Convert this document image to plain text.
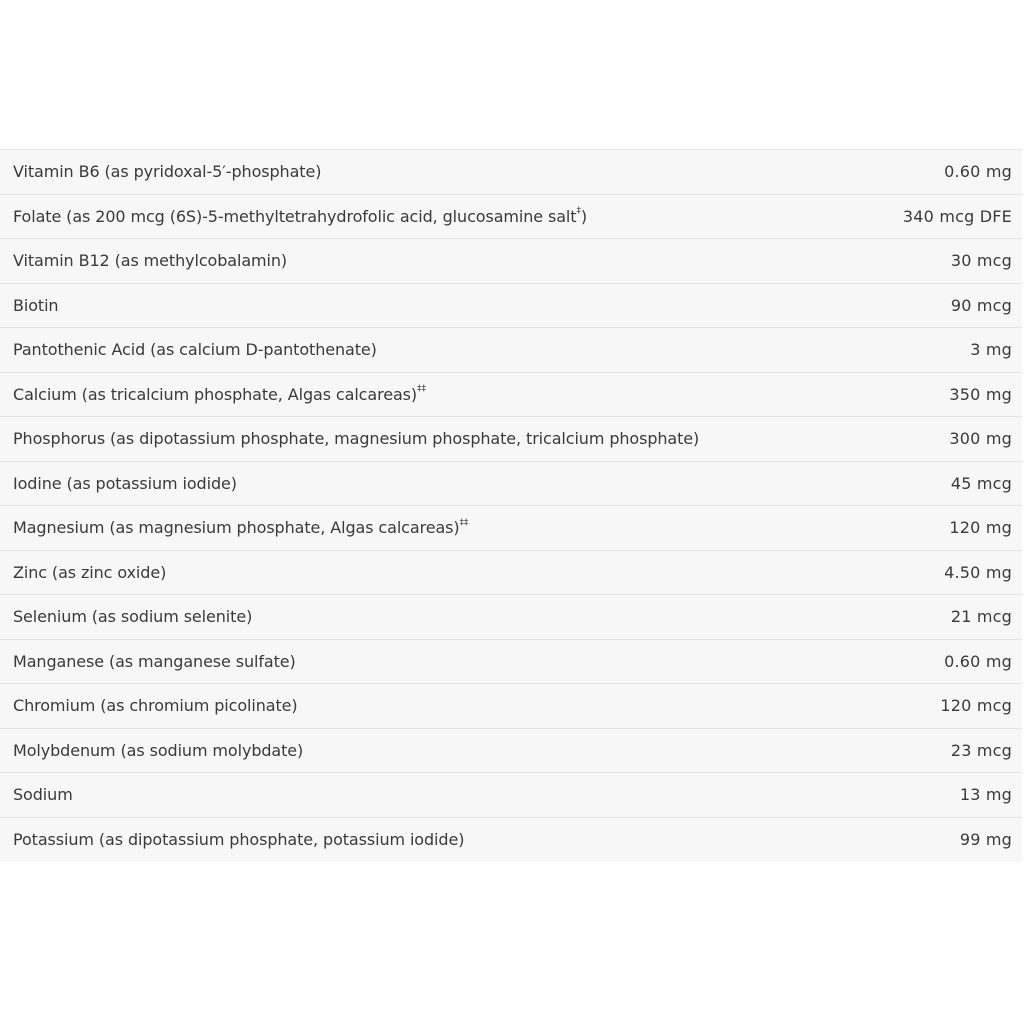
Vitamin B6 (as pyridoxal-5′-phosphate)	0.60 mg
Folate (as 200 mcg (6S)-5-methyltetrahydrofolic acid, glucosamine salt‡)	340 mcg DFE
Vitamin B12 (as methylcobalamin)	30 mcg
Biotin	90 mcg
Pantothenic Acid (as calcium D-pantothenate)	3 mg
Calcium (as tricalcium phosphate, Algas calcareas)‡‡	350 mg
Phosphorus (as dipotassium phosphate, magnesium phosphate, tricalcium phosphate)	300 mg
Iodine (as potassium iodide)	45 mcg
Magnesium (as magnesium phosphate, Algas calcareas)‡‡	120 mg
Zinc (as zinc oxide)	4.50 mg
Selenium (as sodium selenite)	21 mcg
Manganese (as manganese sulfate)	0.60 mg
Chromium (as chromium picolinate)	120 mcg
Molybdenum (as sodium molybdate)	23 mcg
Sodium	13 mg
Potassium (as dipotassium phosphate, potassium iodide)	99 mg
